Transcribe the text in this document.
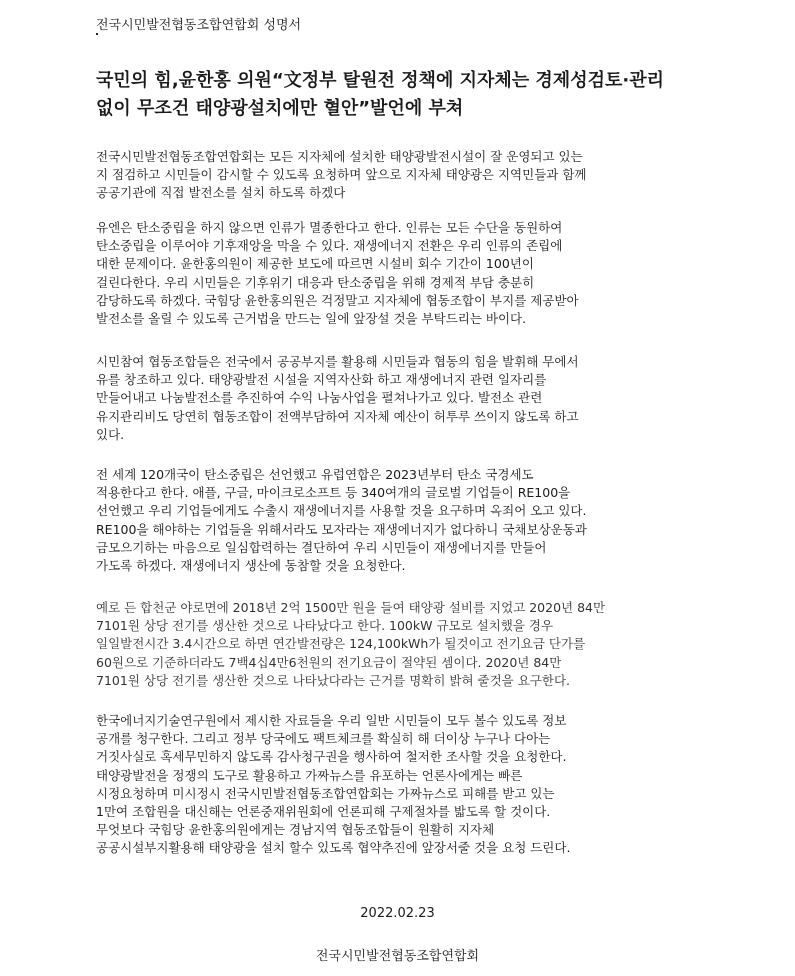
전국시민발전협동조합연합회 성명서
국민의 힘,윤한홍 의원“文정부 탈원전 정책에 지자체는 경제성검토·관리
없이 무조건 태양광설치에만 혈안”발언에 부쳐
전국시민발전협동조합연합회는 모든 지자체에 설치한 태양광발전시설이 잘 운영되고 있는
지 점검하고 시민들이 감시할 수 있도록 요청하며 앞으로 지자체 태양광은 지역민들과 함께
공공기관에 직접 발전소를 설치 하도록 하겠다
유엔은 탄소중립을 하지 않으면 인류가 멸종한다고 한다. 인류는 모든 수단을 동원하여
탄소중립을 이루어야 기후재앙을 막을 수 있다. 재생에너지 전환은 우리 인류의 존립에
대한 문제이다. 윤한홍의원이 제공한 보도에 따르면 시설비 회수 기간이 100년이
걸린다한다. 우리 시민들은 기후위기 대응과 탄소중립을 위해 경제적 부담 충분히
감당하도록 하겠다. 국힘당 윤한홍의원은 걱정말고 지자체에 협동조합이 부지를 제공받아
발전소를 올릴 수 있도록 근거법을 만드는 일에 앞장설 것을 부탁드리는 바이다.
시민참여 협동조합들은 전국에서 공공부지를 활용해 시민들과 협동의 힘을 발휘해 무에서
유를 창조하고 있다. 태양광발전 시설을 지역자산화 하고 재생에너지 관련 일자리를
만들어내고 나눔발전소를 추진하여 수익 나눔사업을 펼쳐나가고 있다. 발전소 관련
유지관리비도 당연히 협동조합이 전액부담하여 지자체 예산이 허투루 쓰이지 않도록 하고
있다.
전 세계 120개국이 탄소중립은 선언했고 유럽연합은 2023년부터 탄소 국경세도
적용한다고 한다. 애플, 구글, 마이크로소프트 등 340여개의 글로벌 기업들이 RE100을
선언했고 우리 기업들에게도 수출시 재생에너지를 사용할 것을 요구하며 옥죄어 오고 있다.
RE100을 해야하는 기업들을 위해서라도 모자라는 재생에너지가 없다하니 국채보상운동과
금모으기하는 마음으로 일심합력하는 결단하여 우리 시민들이 재생에너지를 만들어
가도록 하겠다. 재생에너지 생산에 동참할 것을 요청한다.
예로 든 합천군 야로면에 2018년 2억 1500만 원을 들여 태양광 설비를 지었고 2020년 84만
7101원 상당 전기를 생산한 것으로 나타났다고 한다. 100kW 규모로 설치했을 경우
일일발전시간 3.4시간으로 하면 연간발전량은 124,100kWh가 될것이고 전기요금 단가를
60원으로 기준하더라도 7백4십4만6천원의 전기요금이 절약된 셈이다. 2020년 84만
7101원 상당 전기를 생산한 것으로 나타났다라는 근거를 명확히 밝혀 줄것을 요구한다.
한국에너지기술연구원에서 제시한 자료들을 우리 일반 시민들이 모두 볼수 있도록 정보
공개를 청구한다. 그리고 정부 당국에도 팩트체크를 확실히 해 더이상 누구나 다아는
거짓사실로 혹세무민하지 않도록 감사청구권을 행사하여 철저한 조사할 것을 요청한다.
태양광발전을 정쟁의 도구로 활용하고 가짜뉴스를 유포하는 언론사에게는 빠른
시정요청하며 미시정시 전국시민발전협동조합연합회는 가짜뉴스로 피해를 받고 있는
1만여 조합원을 대신해는 언론중재위원회에 언론피해 구제절차를 밟도록 할 것이다.
무엇보다 국힘당 윤한홍의원에게는 경남지역 협동조합들이 원활히 지자체
공공시설부지활용해 태양광을 설치 할수 있도록 협약추진에 앞장서줄 것을 요청 드린다.
2022.02.23
전국시민발전협동조합연합회
